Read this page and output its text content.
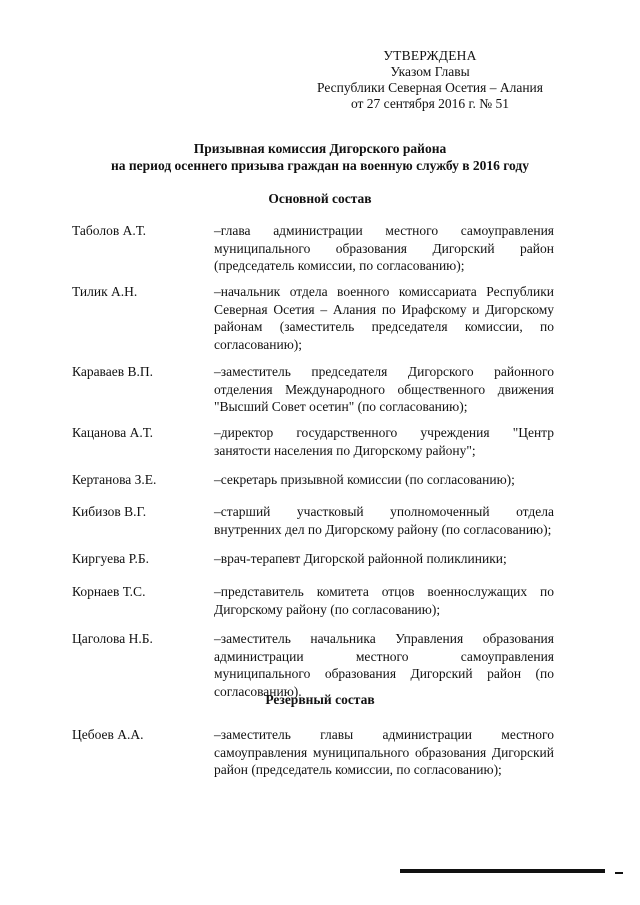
УТВЕРЖДЕНА
Указом Главы
Республики Северная Осетия – Алания
от 27 сентября 2016 г. № 51
Призывная комиссия Дигорского района
на период осеннего призыва граждан на военную службу в 2016 году
Основной состав
Таболов А.Т.	–глава администрации местного самоуправления муниципального образования Дигорский район (председатель комиссии, по согласованию);
Тилик А.Н.	–начальник отдела военного комиссариата Республики Северная Осетия – Алания по Ирафскому и Дигорскому районам (заместитель председателя комиссии, по согласованию);
Караваев В.П.	–заместитель председателя Дигорского районного отделения Международного общественного движения "Высший Совет осетин" (по согласованию);
Кацанова А.Т.	–директор государственного учреждения "Центр занятости населения по Дигорскому району";
Кертанова З.Е.	–секретарь призывной комиссии (по согласованию);
Кибизов В.Г.	–старший участковый уполномоченный отдела внутренних дел по Дигорскому району (по согласованию);
Киргуева Р.Б.	–врач-терапевт Дигорской районной поликлиники;
Корнаев Т.С.	–представитель комитета отцов военнослужащих по Дигорскому району (по согласованию);
Цаголова Н.Б.	–заместитель начальника Управления образования администрации местного самоуправления муниципального образования Дигорский район (по согласованию).
Резервный состав
Цебоев А.А.	–заместитель главы администрации местного самоуправления муниципального образования Дигорский район (председатель комиссии, по согласованию);
